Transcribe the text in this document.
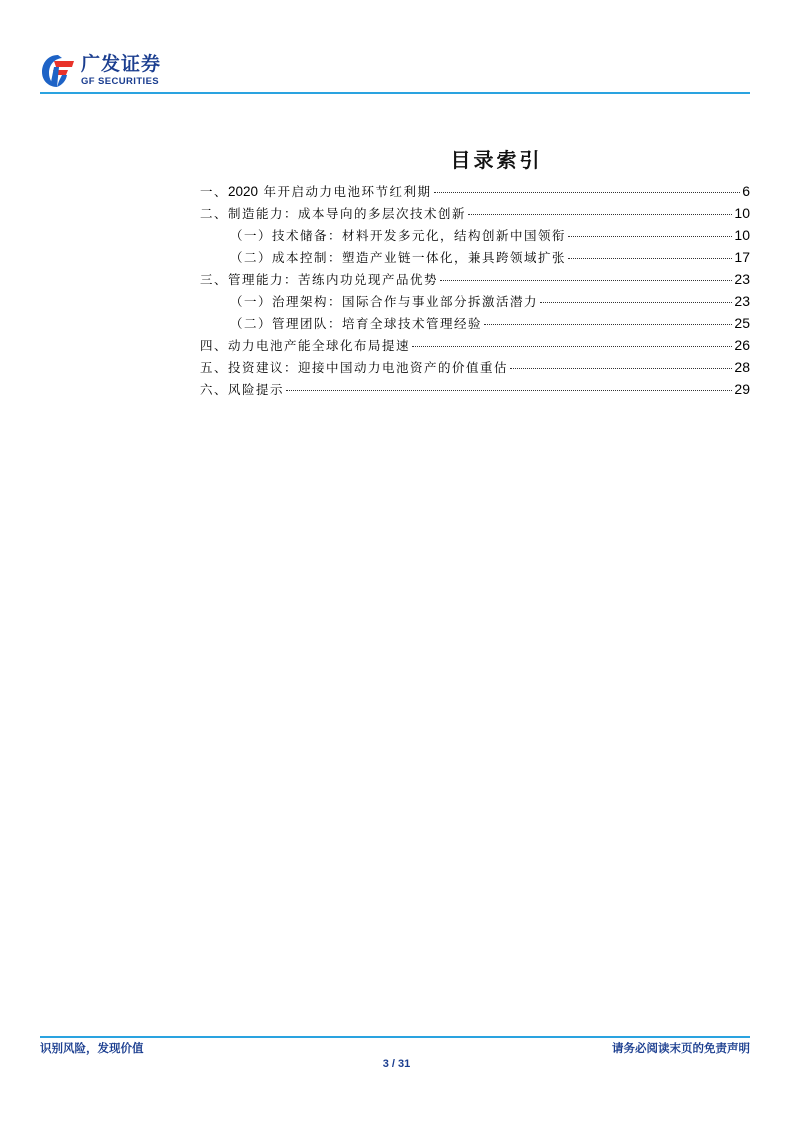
广发证券
GF SECURITIES
目录索引
一、2020 年开启动力电池环节红利期	6
二、制造能力：成本导向的多层次技术创新	10
（一）技术储备：材料开发多元化，结构创新中国领衔	10
（二）成本控制：塑造产业链一体化，兼具跨领域扩张	17
三、管理能力：苦练内功兑现产品优势	23
（一）治理架构：国际合作与事业部分拆激活潜力	23
（二）管理团队：培育全球技术管理经验	25
四、动力电池产能全球化布局提速	26
五、投资建议：迎接中国动力电池资产的价值重估	28
六、风险提示	29
识别风险，发现价值	请务必阅读末页的免责声明
3 / 31
